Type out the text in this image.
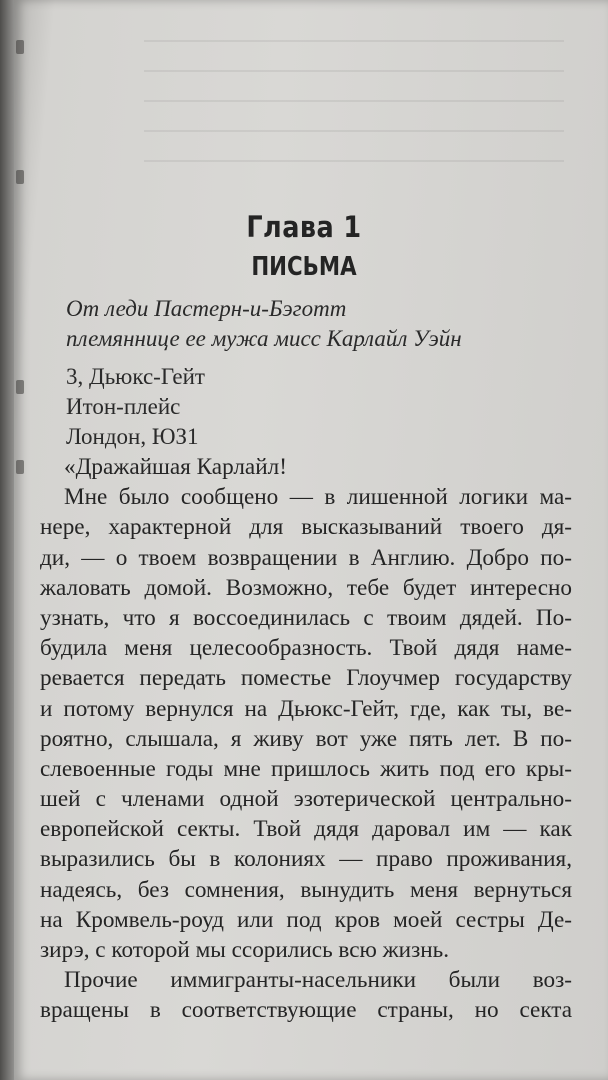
Глава 1
ПИСЬМА
От леди Пастерн-и-Бэготт
племяннице ее мужа мисс Карлайл Уэйн
3, Дьюкс-Гейт
Итон-плейс
Лондон, ЮЗ1
«Дражайшая Карлайл!
Мне было сообщено — в лишенной логики ма-
нере, характерной для высказываний твоего дя-
ди, — о твоем возвращении в Англию. Добро по-
жаловать домой. Возможно, тебе будет интересно
узнать, что я воссоединилась с твоим дядей. По-
будила меня целесообразность. Твой дядя наме-
ревается передать поместье Глоучмер государству
и потому вернулся на Дьюкс-Гейт, где, как ты, ве-
роятно, слышала, я живу вот уже пять лет. В по-
слевоенные годы мне пришлось жить под его кры-
шей с членами одной эзотерической центрально-
европейской секты. Твой дядя даровал им — как
выразились бы в колониях — право проживания,
надеясь, без сомнения, вынудить меня вернуться
на Кромвель-роуд или под кров моей сестры Де-
зирэ, с которой мы ссорились всю жизнь.
Прочие иммигранты-насельники были воз-
вращены в соответствующие страны, но секта
